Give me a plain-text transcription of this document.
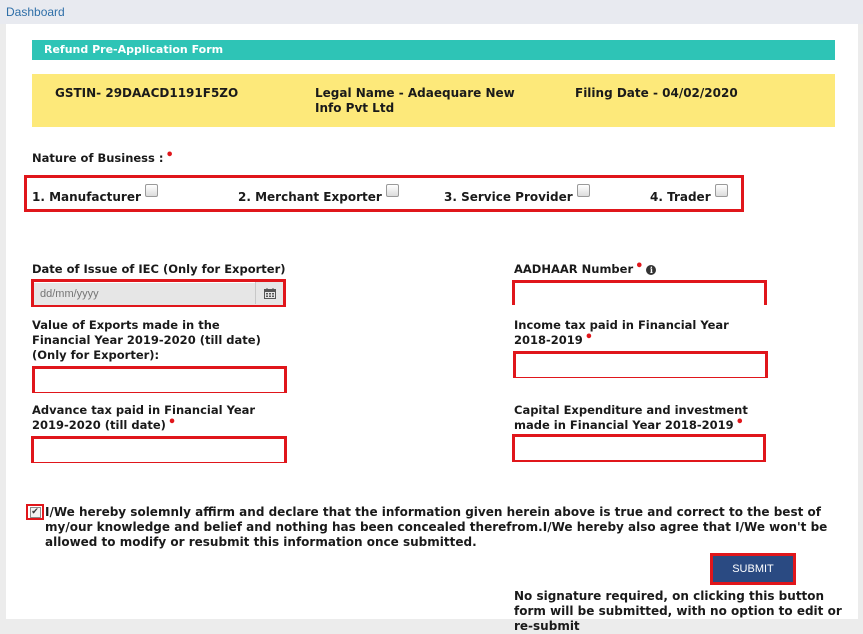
Dashboard
Refund Pre-Application Form
GSTIN- 29DAACD1191F5ZO	Legal Name - Adaequare New Info Pvt Ltd
Filing Date - 04/02/2020
Nature of Business : •
1. Manufacturer	2. Merchant Exporter	3. Service Provider	4. Trader
Date of Issue of IEC (Only for Exporter)
dd/mm/yyyy	AADHAAR Number • i
Value of Exports made in the Financial Year 2019-2020 (till date) (Only for Exporter):
Income tax paid in Financial Year 2018-2019 •
Advance tax paid in Financial Year 2019-2020 (till date) •
Capital Expenditure and investment made in Financial Year 2018-2019 •
✔ I/We hereby solemnly affirm and declare that the information given herein above is true and correct to the best of my/our knowledge and belief and nothing has been concealed therefrom.I/We hereby also agree that I/We won't be allowed to modify or resubmit this information once submitted.
SUBMIT
No signature required, on clicking this button form will be submitted, with no option to edit or re-submit
